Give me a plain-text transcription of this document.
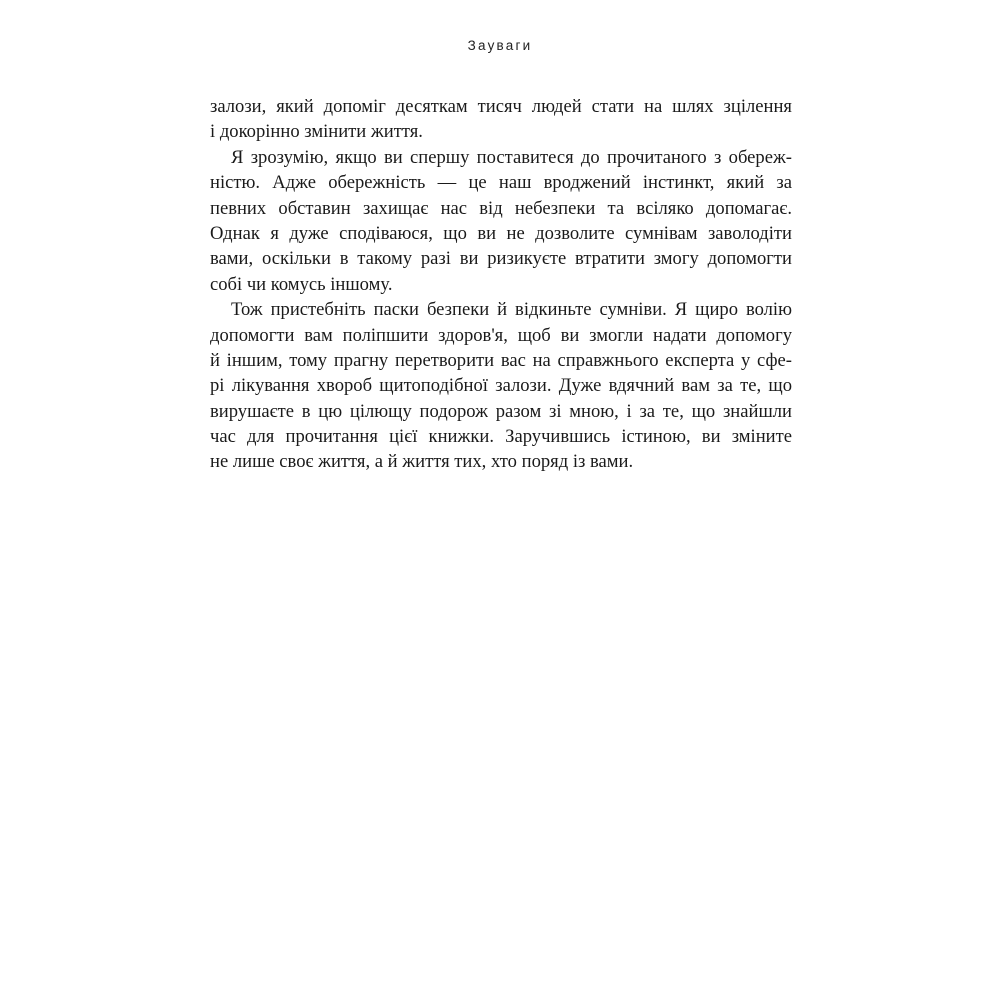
Зауваги
залози, який допоміг десяткам тисяч людей стати на шлях зцілення
і докорінно змінити життя.
Я зрозумію, якщо ви спершу поставитеся до прочитаного з обереж-
ністю. Адже обережність — це наш вроджений інстинкт, який за
певних обставин захищає нас від небезпеки та всіляко допомагає.
Однак я дуже сподіваюся, що ви не дозволите сумнівам заволодіти
вами, оскільки в такому разі ви ризикуєте втратити змогу допомогти
собі чи комусь іншому.
Тож пристебніть паски безпеки й відкиньте сумніви. Я щиро волію
допомогти вам поліпшити здоров'я, щоб ви змогли надати допомогу
й іншим, тому прагну перетворити вас на справжнього експерта у сфе-
рі лікування хвороб щитоподібної залози. Дуже вдячний вам за те, що
вирушаєте в цю цілющу подорож разом зі мною, і за те, що знайшли
час для прочитання цієї книжки. Заручившись істиною, ви зміните
не лише своє життя, а й життя тих, хто поряд із вами.
